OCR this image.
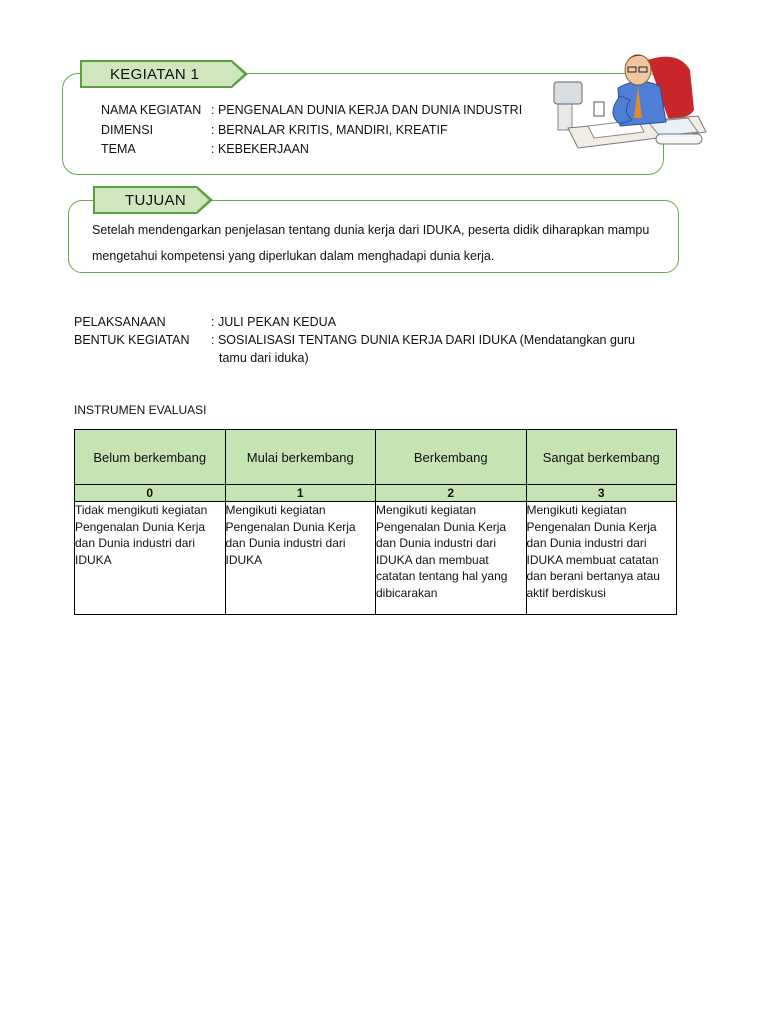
KEGIATAN 1
NAMA KEGIATAN : PENGENALAN DUNIA KERJA DAN DUNIA INDUSTRI
DIMENSI	: BERNALAR KRITIS, MANDIRI, KREATIF
TEMA	: KEBEKERJAAN
TUJUAN
Setelah mendengarkan penjelasan tentang dunia kerja dari IDUKA, peserta didik diharapkan mampu
mengetahui kompetensi yang diperlukan dalam menghadapi dunia kerja.
PELAKSANAAN	: JULI PEKAN KEDUA
BENTUK KEGIATAN : SOSIALISASI TENTANG DUNIA KERJA DARI IDUKA (Mendatangkan guru
tamu dari iduka)
INSTRUMEN EVALUASI
Belum berkembang	Mulai berkembang	Berkembang	Sangat berkembang
0	1	2	3
Tidak mengikuti kegiatan Pengenalan Dunia Kerja dan Dunia industri dari IDUKA	Mengikuti kegiatan Pengenalan Dunia Kerja dan Dunia industri dari IDUKA	Mengikuti kegiatan Pengenalan Dunia Kerja dan Dunia industri dari IDUKA dan membuat catatan tentang hal yang dibicarakan	Mengikuti kegiatan Pengenalan Dunia Kerja dan Dunia industri dari IDUKA membuat catatan dan berani bertanya atau aktif berdiskusi
